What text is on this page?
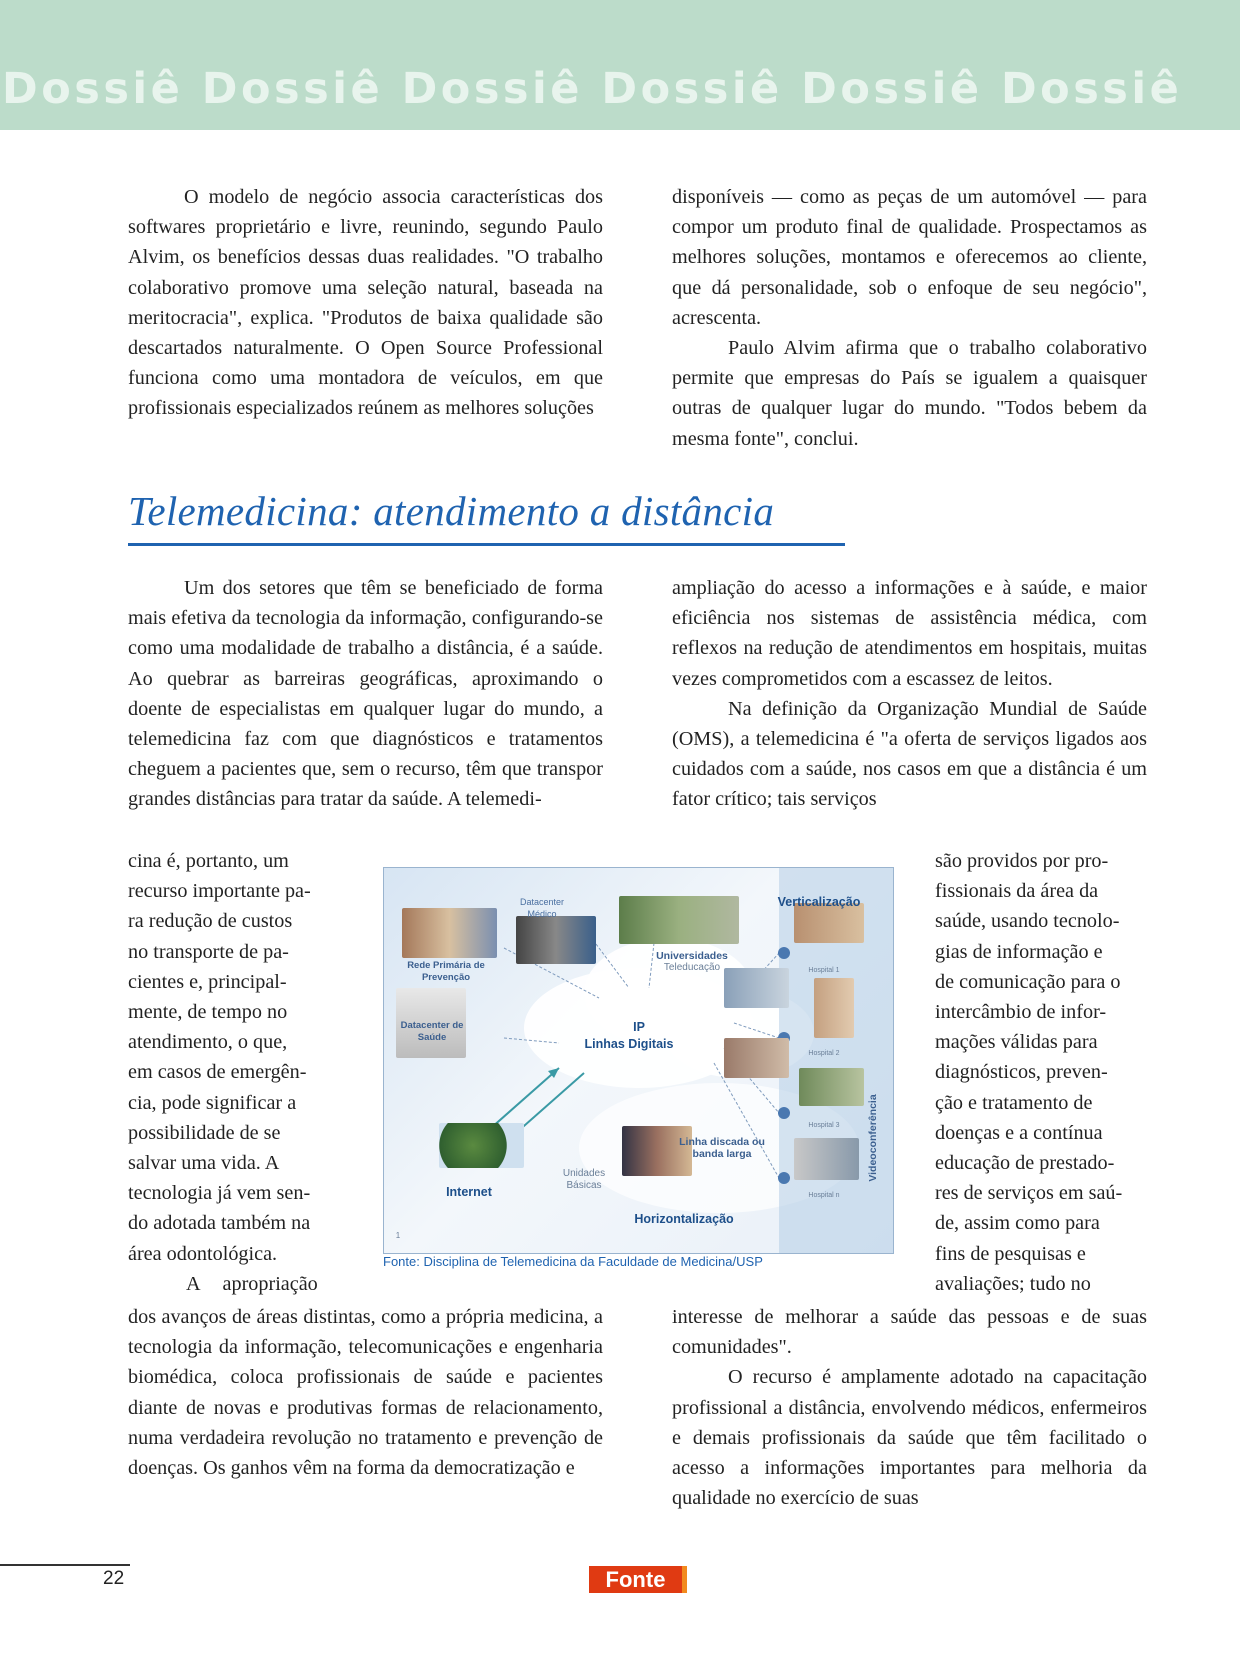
Dossiê Dossiê Dossiê Dossiê Dossiê Dossiê

O modelo de negócio associa características dos softwares proprietário e livre, reunindo, segundo Paulo Alvim, os benefícios dessas duas realidades. "O trabalho colaborativo promove uma seleção natural, baseada na meritocracia", explica. "Produtos de baixa qualidade são descartados naturalmente. O Open Source Professional funciona como uma montadora de veículos, em que profissionais especializados reúnem as melhores soluções

disponíveis — como as peças de um automóvel — para compor um produto final de qualidade. Prospectamos as melhores soluções, montamos e oferecemos ao cliente, que dá personalidade, sob o enfoque de seu negócio", acrescenta.

Paulo Alvim afirma que o trabalho colaborativo permite que empresas do País se igualem a quaisquer outras de qualquer lugar do mundo. "Todos bebem da mesma fonte", conclui.

Telemedicina: atendimento a distância

Um dos setores que têm se beneficiado de forma mais efetiva da tecnologia da informação, configurando-se como uma modalidade de trabalho a distância, é a saúde. Ao quebrar as barreiras geográficas, aproximando o doente de especialistas em qualquer lugar do mundo, a telemedicina faz com que diagnósticos e tratamentos cheguem a pacientes que, sem o recurso, têm que transpor grandes distâncias para tratar da saúde. A telemedi-

cina é, portanto, um
recurso importante pa-
ra redução de custos
no transporte de pa-
cientes e, principal-
mente, de tempo no
atendimento, o que,
em casos de emergên-
cia, pode significar a
possibilidade de se
salvar uma vida. A
tecnologia já vem sen-
do adotada também na
área odontológica.
A apropriação

dos avanços de áreas distintas, como a própria medicina, a tecnologia da informação, telecomunicações e engenharia biomédica, coloca profissionais de saúde e pacientes diante de novas e produtivas formas de relacionamento, numa verdadeira revolução no tratamento e prevenção de doenças. Os ganhos vêm na forma da democratização e

ampliação do acesso a informações e à saúde, e maior eficiência nos sistemas de assistência médica, com reflexos na redução de atendimentos em hospitais, muitas vezes comprometidos com a escassez de leitos.

Na definição da Organização Mundial de Saúde (OMS), a telemedicina é "a oferta de serviços ligados aos cuidados com a saúde, nos casos em que a distância é um fator crítico; tais serviços

são providos por pro-
fissionais da área da
saúde, usando tecnolo-
gias de informação e
de comunicação para o
intercâmbio de infor-
mações válidas para
diagnósticos, preven-
ção e tratamento de
doenças e a contínua
educação de prestado-
res de serviços em saú-
de, assim como para
fins de pesquisas e
avaliações; tudo no

interesse de melhorar a saúde das pessoas e de suas comunidades".

O recurso é amplamente adotado na capacitação profissional a distância, envolvendo médicos, enfermeiros e demais profissionais da saúde que têm facilitado o acesso a informações importantes para melhoria da qualidade no exercício de suas

Datacenter Médico
Verticalização
Rede Primária de Prevenção
Universidades
Teleducação	Hospital 1
Datacenter de Saúde
IP
Linhas Digitais
Hospital 2
Videoconferência
Hospital 3
Linha discada ou banda larga
Internet
Unidades Básicas
Horizontalização
Hospital n
1
Fonte: Disciplina de Telemedicina da Faculdade de Medicina/USP
22	Fonte
